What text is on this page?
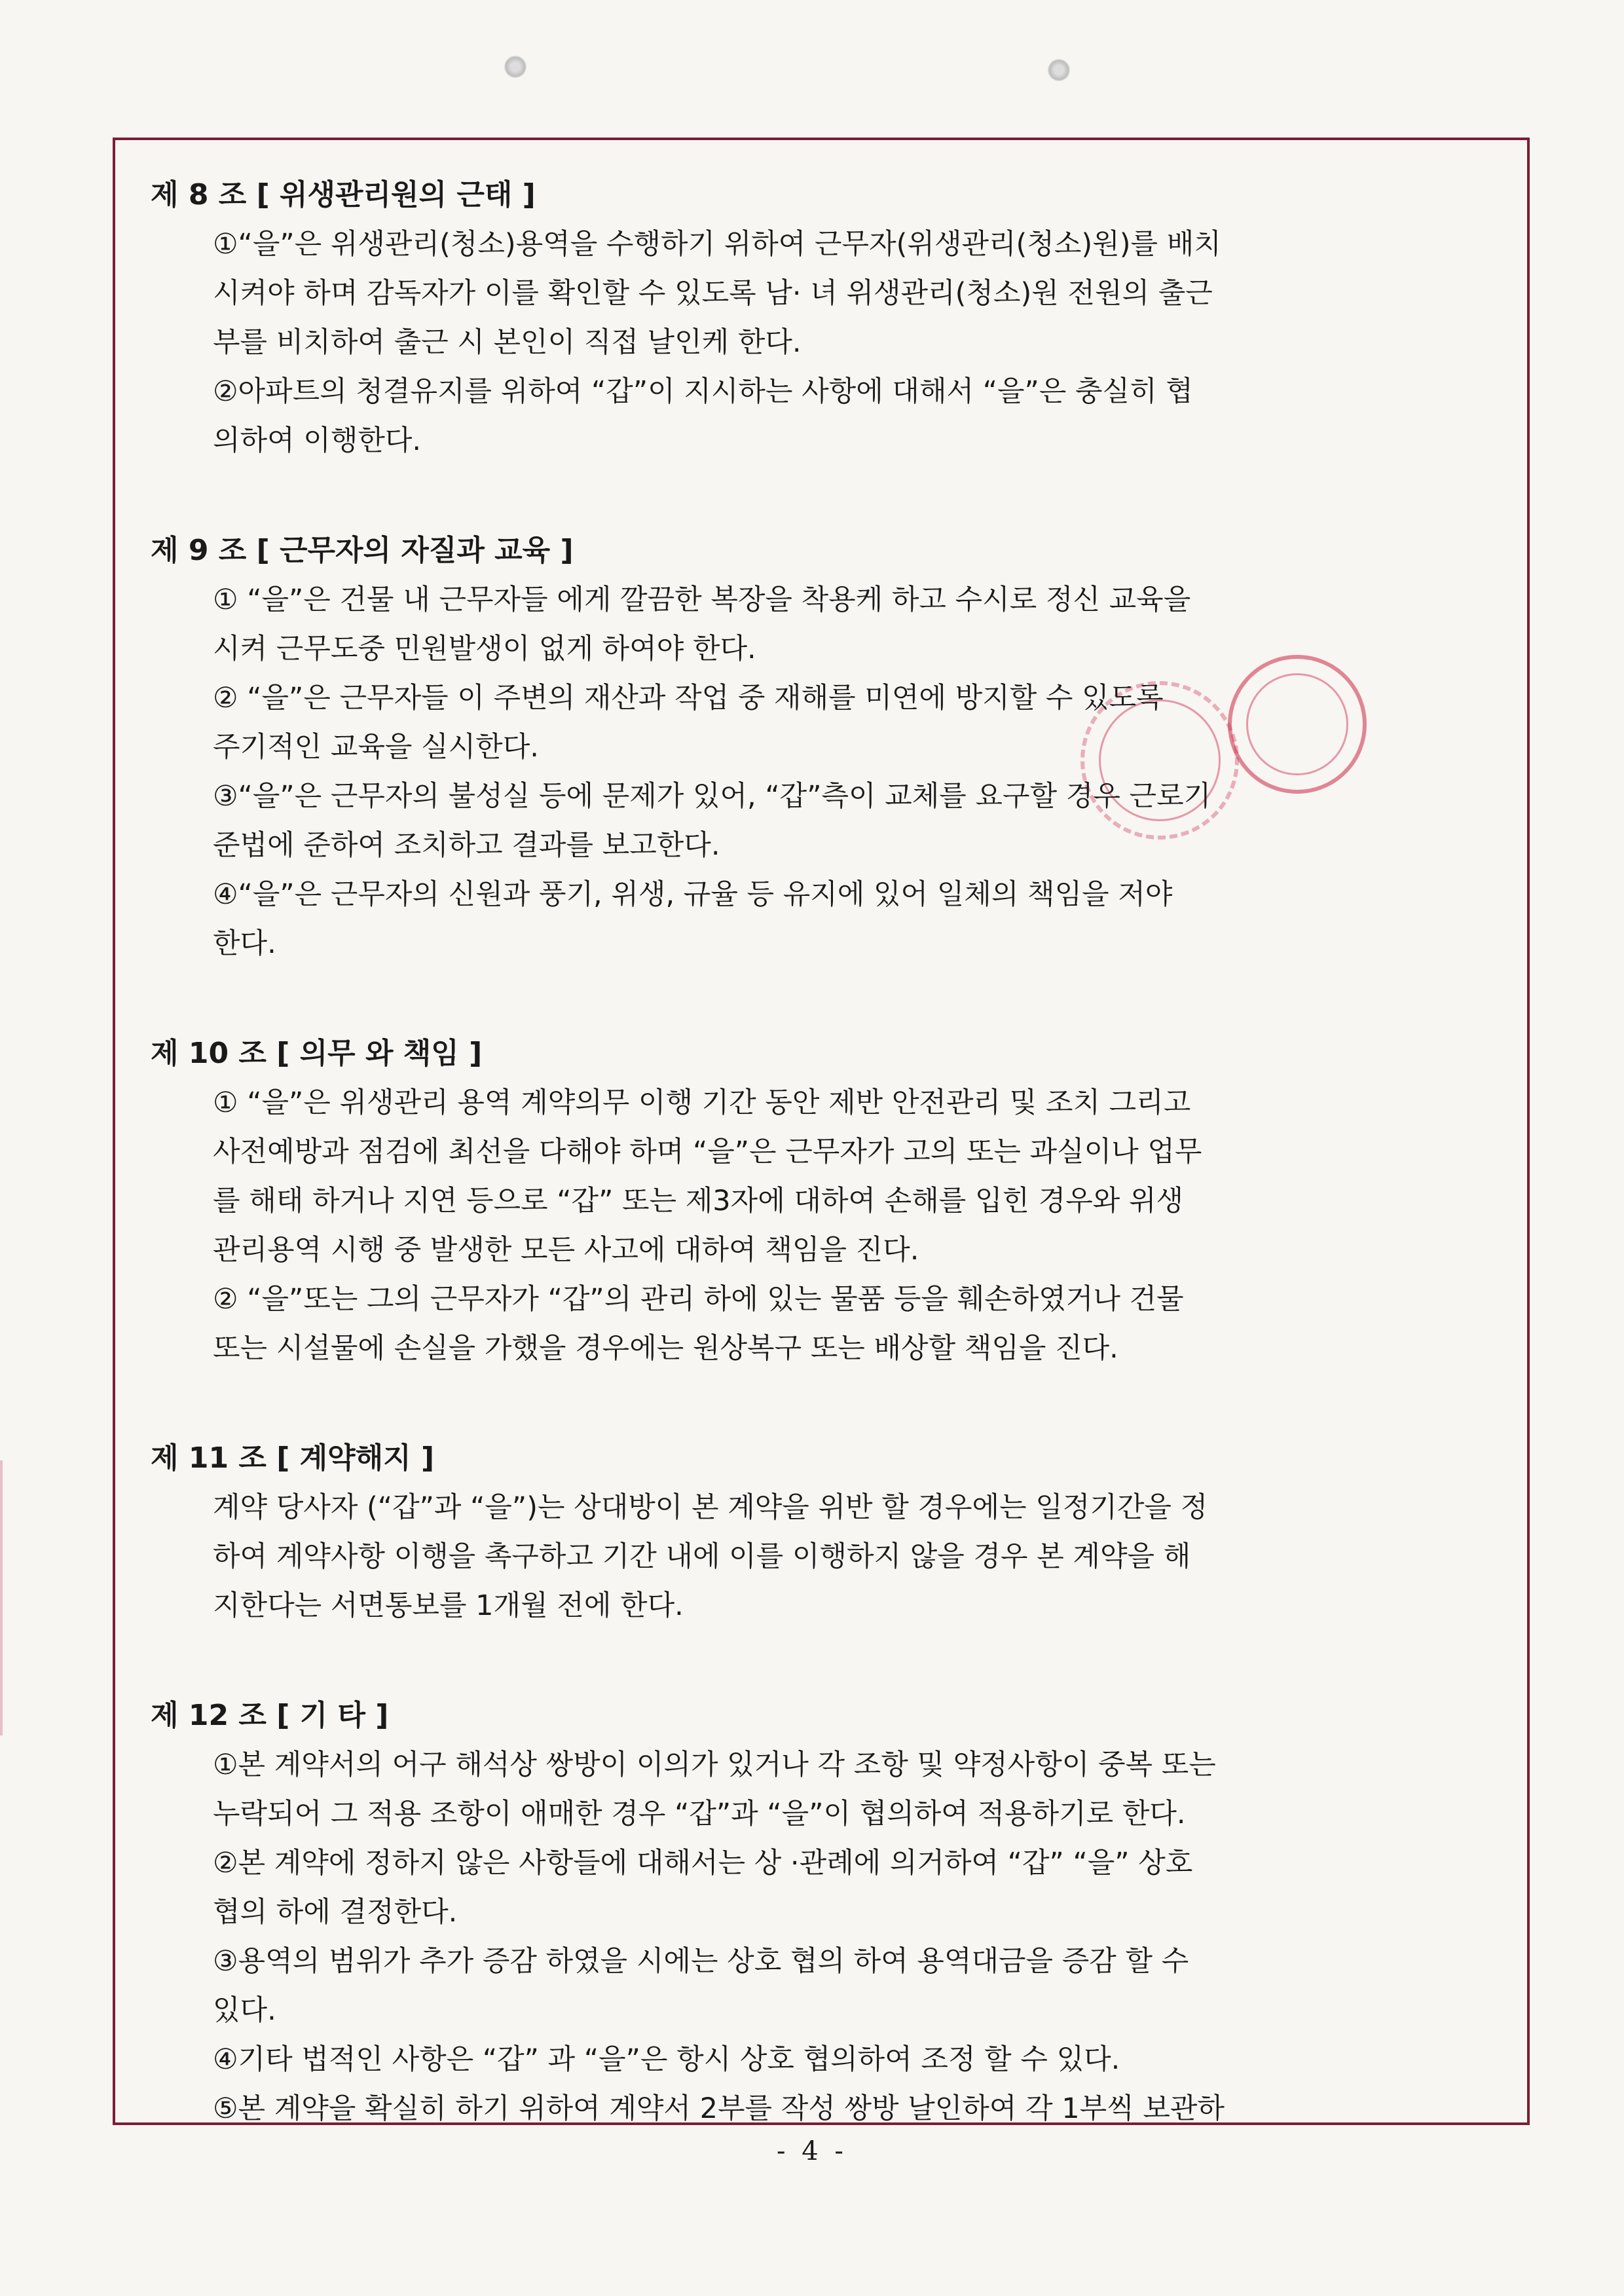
제 8 조 [ 위생관리원의 근태 ]
①“을”은 위생관리(청소)용역을 수행하기 위하여 근무자(위생관리(청소)원)를 배치
시켜야 하며 감독자가 이를 확인할 수 있도록 남· 녀 위생관리(청소)원 전원의 출근
부를 비치하여 출근 시 본인이 직접 날인케 한다.
②아파트의 청결유지를 위하여 “갑”이 지시하는 사항에 대해서 “을”은 충실히 협
의하여 이행한다.
제 9 조 [ 근무자의 자질과 교육 ]
① “을”은 건물 내 근무자들 에게 깔끔한 복장을 착용케 하고 수시로 정신 교육을
시켜 근무도중 민원발생이 없게 하여야 한다.
② “을”은 근무자들 이 주변의 재산과 작업 중 재해를 미연에 방지할 수 있도록
주기적인 교육을 실시한다.
③“을”은 근무자의 불성실 등에 문제가 있어, “갑”측이 교체를 요구할 경우 근로기
준법에 준하여 조치하고 결과를 보고한다.
④“을”은 근무자의 신원과 풍기, 위생, 규율 등 유지에 있어 일체의 책임을 저야
한다.
제 10 조 [ 의무 와 책임 ]
① “을”은 위생관리 용역 계약의무 이행 기간 동안 제반 안전관리 및 조치 그리고
사전예방과 점검에 최선을 다해야 하며 “을”은 근무자가 고의 또는 과실이나 업무
를 해태 하거나 지연 등으로 “갑” 또는 제3자에 대하여 손해를 입힌 경우와 위생
관리용역 시행 중 발생한 모든 사고에 대하여 책임을 진다.
② “을”또는 그의 근무자가 “갑”의 관리 하에 있는 물품 등을 훼손하였거나 건물
또는 시설물에 손실을 가했을 경우에는 원상복구 또는 배상할 책임을 진다.
제 11 조 [ 계약해지 ]
계약 당사자 (“갑”과 “을”)는 상대방이 본 계약을 위반 할 경우에는 일정기간을 정
하여 계약사항 이행을 촉구하고 기간 내에 이를 이행하지 않을 경우 본 계약을 해
지한다는 서면통보를 1개월 전에 한다.
제 12 조 [ 기 타 ]
①본 계약서의 어구 해석상 쌍방이 이의가 있거나 각 조항 및 약정사항이 중복 또는
누락되어 그 적용 조항이 애매한 경우 “갑”과 “을”이 협의하여 적용하기로 한다.
②본 계약에 정하지 않은 사항들에 대해서는 상 ·관례에 의거하여 “갑” “을” 상호
협의 하에 결정한다.
③용역의 범위가 추가 증감 하였을 시에는 상호 협의 하여 용역대금을 증감 할 수
있다.
④기타 법적인 사항은 “갑” 과 “을”은 항시 상호 협의하여 조정 할 수 있다.
⑤본 계약을 확실히 하기 위하여 계약서 2부를 작성 쌍방 날인하여 각 1부씩 보관하
- 4 -
